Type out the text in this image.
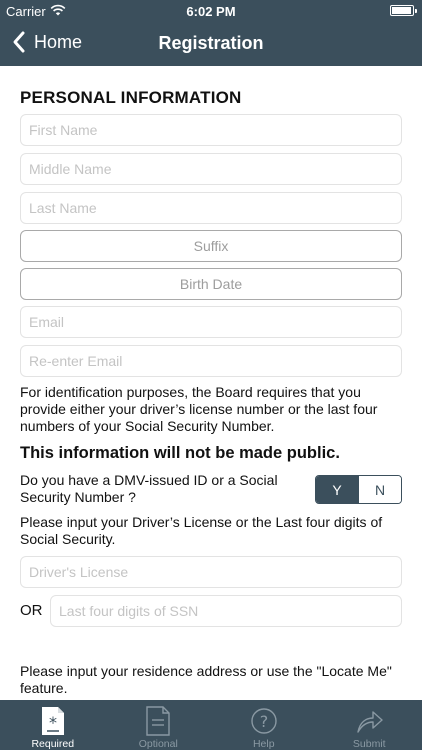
Carrier	6:02 PM
Home	Registration
PERSONAL INFORMATION
First Name
Middle Name
Last Name
Suffix
Birth Date
Email
Re-enter Email
For identification purposes, the Board requires that you provide either your driver’s license number or the last four numbers of your Social Security Number.
This information will not be made public.
Do you have a DMV-issued ID or a Social Security Number ?	Y	N
Please input your Driver’s License or the Last four digits of Social Security.
Driver's License
OR
Last four digits of SSN
Please input your residence address or use the "Locate Me" feature.
*
Required	Optional
?
Help	Submit
